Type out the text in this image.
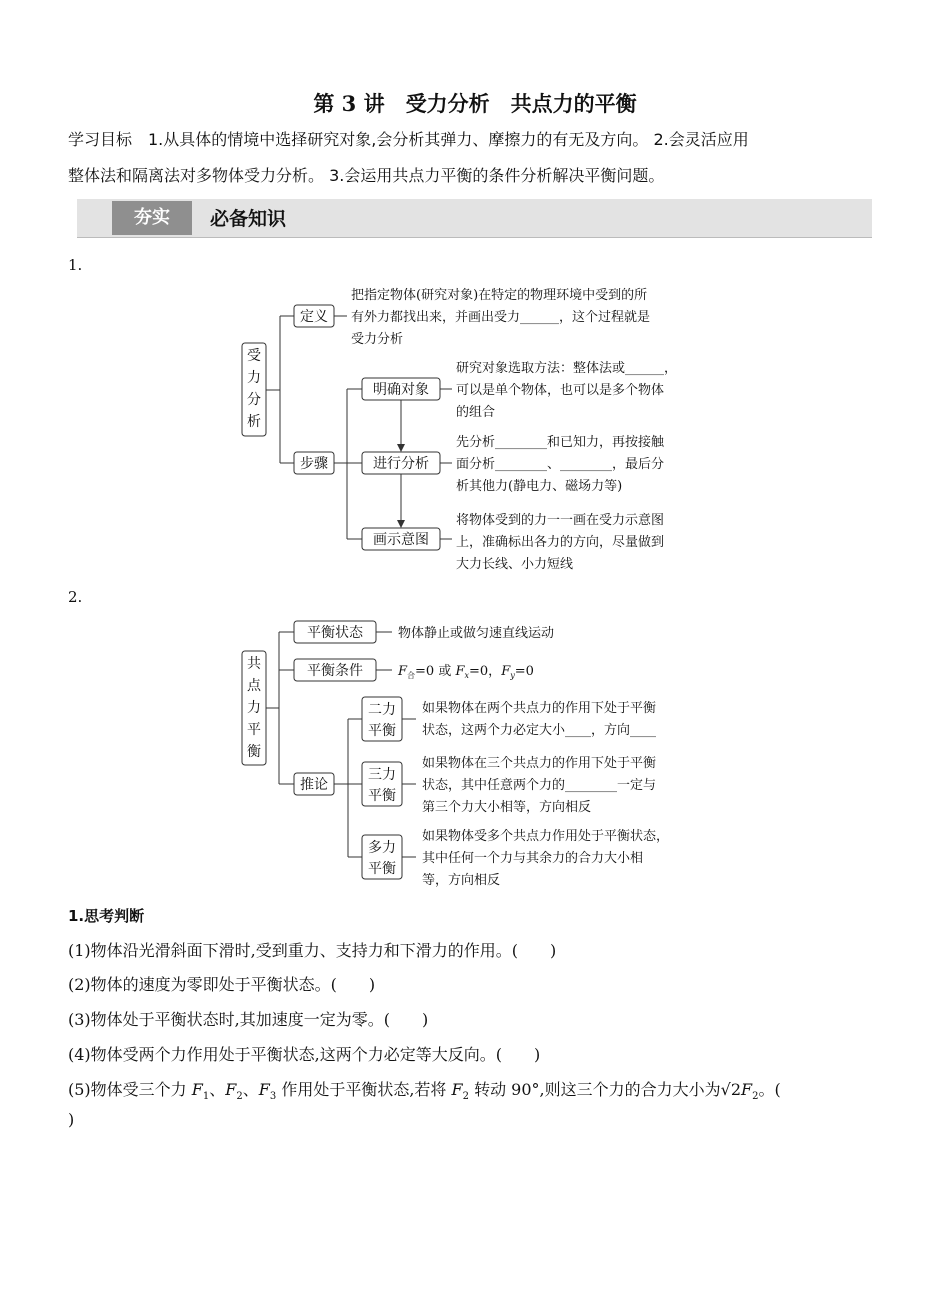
第 3 讲　受力分析　共点力的平衡
学习目标　1.从具体的情境中选择研究对象,会分析其弹力、摩擦力的有无及方向。 2.会灵活应用
整体法和隔离法对多物体受力分析。 3.会运用共点力平衡的条件分析解决平衡问题。
夯实	必备知识
1.
受
力
分
析
定义
步骤
明确对象
进行分析
画示意图
把指定物体(研究对象)在特定的物理环境中受到的所
有外力都找出来，并画出受力______，这个过程就是
受力分析
研究对象选取方法：整体法或______，
可以是单个物体，也可以是多个物体
的组合
先分析________和已知力，再按接触
面分析________、________，最后分
析其他力(静电力、磁场力等)
将物体受到的力一一画在受力示意图
上，准确标出各力的方向，尽量做到
大力长线、小力短线
2.
共
点
力
平
衡
平衡状态
平衡条件
推论
二力
平衡
三力
平衡
多力
平衡
物体静止或做匀速直线运动
$F_合=0$ 或 $F_x=0$，$F_y=0$
如果物体在两个共点力的作用下处于平衡
状态，这两个力必定大小____，方向____
如果物体在三个共点力的作用下处于平衡
状态，其中任意两个力的________一定与
第三个力大小相等，方向相反
如果物体受多个共点力作用处于平衡状态，
其中任何一个力与其余力的合力大小相
等，方向相反
1.思考判断
(1)物体沿光滑斜面下滑时,受到重力、支持力和下滑力的作用。(　　)
(2)物体的速度为零即处于平衡状态。(　　)
(3)物体处于平衡状态时,其加速度一定为零。(　　)
(4)物体受两个力作用处于平衡状态,这两个力必定等大反向。(　　)
(5)物体受三个力 $F_1$、$F_2$、$F_3$ 作用处于平衡状态,若将 $F_2$ 转动 90°,则这三个力的合力大小为$√2F_2$。(
)
